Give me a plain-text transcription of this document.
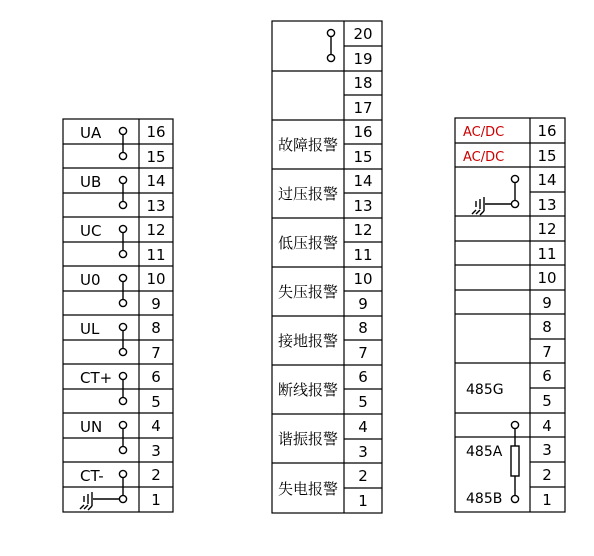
16
15
14
13
12
11
10
9
8
7
6
5
4
3
2
1
UA
UB
UC
U0
UL
CT+
UN
CT-
20
19
18
17
16
15
14
13
12
11
10
9
8
7
6
5
4
3
2
1
故障报警
过压报警
低压报警
失压报警
接地报警
断线报警
谐振报警
失电报警
16
15
14
13
12
11
10
9
8
7
6
5
4
3
2
1
AC/DC
AC/DC
485G
485A
485B
